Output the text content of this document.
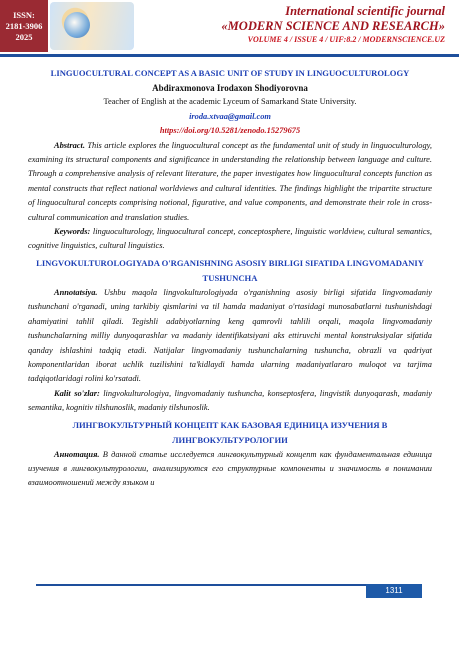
ISSN:
2181-3906
2025
International scientific journal
«MODERN SCIENCE AND RESEARCH»
VOLUME 4 / ISSUE 4 / UIF:8.2 / MODERNSCIENCE.UZ
LINGUOCULTURAL CONCEPT AS A BASIC UNIT OF STUDY IN LINGUOCULTUROLOGY
Abdiraxmonova Irodaxon Shodiyorovna
Teacher of English at the academic Lyceum of Samarkand State University.
iroda.xtvaa@gmail.com
https://doi.org/10.5281/zenodo.15279675
Abstract. This article explores the linguocultural concept as the fundamental unit of study in linguoculturology, examining its structural components and significance in understanding the relationship between language and culture. Through a comprehensive analysis of relevant literature, the paper investigates how linguocultural concepts function as mental constructs that reflect national worldviews and cultural identities. The findings highlight the tripartite structure of linguocultural concepts comprising notional, figurative, and value components, and demonstrate their role in cross-cultural communication and translation studies.
Keywords: linguoculturology, linguocultural concept, conceptosphere, linguistic worldview, cultural semantics, cognitive linguistics, cultural linguistics.
LINGVOKULTUROLOGIYADA O'RGANISHNING ASOSIY BIRLIGI SIFATIDA LINGVOMADANIY TUSHUNCHA
Annotatsiya. Ushbu maqola lingvokulturologiyada o'rganishning asosiy birligi sifatida lingvomadaniy tushunchani o'rganadi, uning tarkibiy qismlarini va til hamda madaniyat o'rtasidagi munosabatlarni tushunishdagi ahamiyatini tahlil qiladi. Tegishli adabiyotlarning keng qamrovli tahlili orqali, maqola lingvomadaniy tushunchalarning milliy dunyoqarashlar va madaniy identifikatsiyani aks ettiruvchi mental konstruksiyalar sifatida qanday ishlashini tadqiq etadi. Natijalar lingvomadaniy tushunchalarning tushuncha, obrazli va qadriyat komponentlaridan iborat uchlik tuzilishini ta'kidlaydi hamda ularning madaniyatlararo muloqot va tarjima tadqiqotlaridagi rolini ko'rsatadi.
Kalit so'zlar: lingvokulturologiya, lingvomadaniy tushuncha, konseptosfera, lingvistik dunyoqarash, madaniy semantika, kognitiv tilshunoslik, madaniy tilshunoslik.
ЛИНГВОКУЛЬТУРНЫЙ КОНЦЕПТ КАК БАЗОВАЯ ЕДИНИЦА ИЗУЧЕНИЯ В ЛИНГВОКУЛЬТУРОЛОГИИ
Аннотация. В данной статье исследуется лингвокультурный концепт как фундаментальная единица изучения в лингвокультурологии, анализируются его структурные компоненты и значимость в понимании взаимоотношений между языком и
1311
